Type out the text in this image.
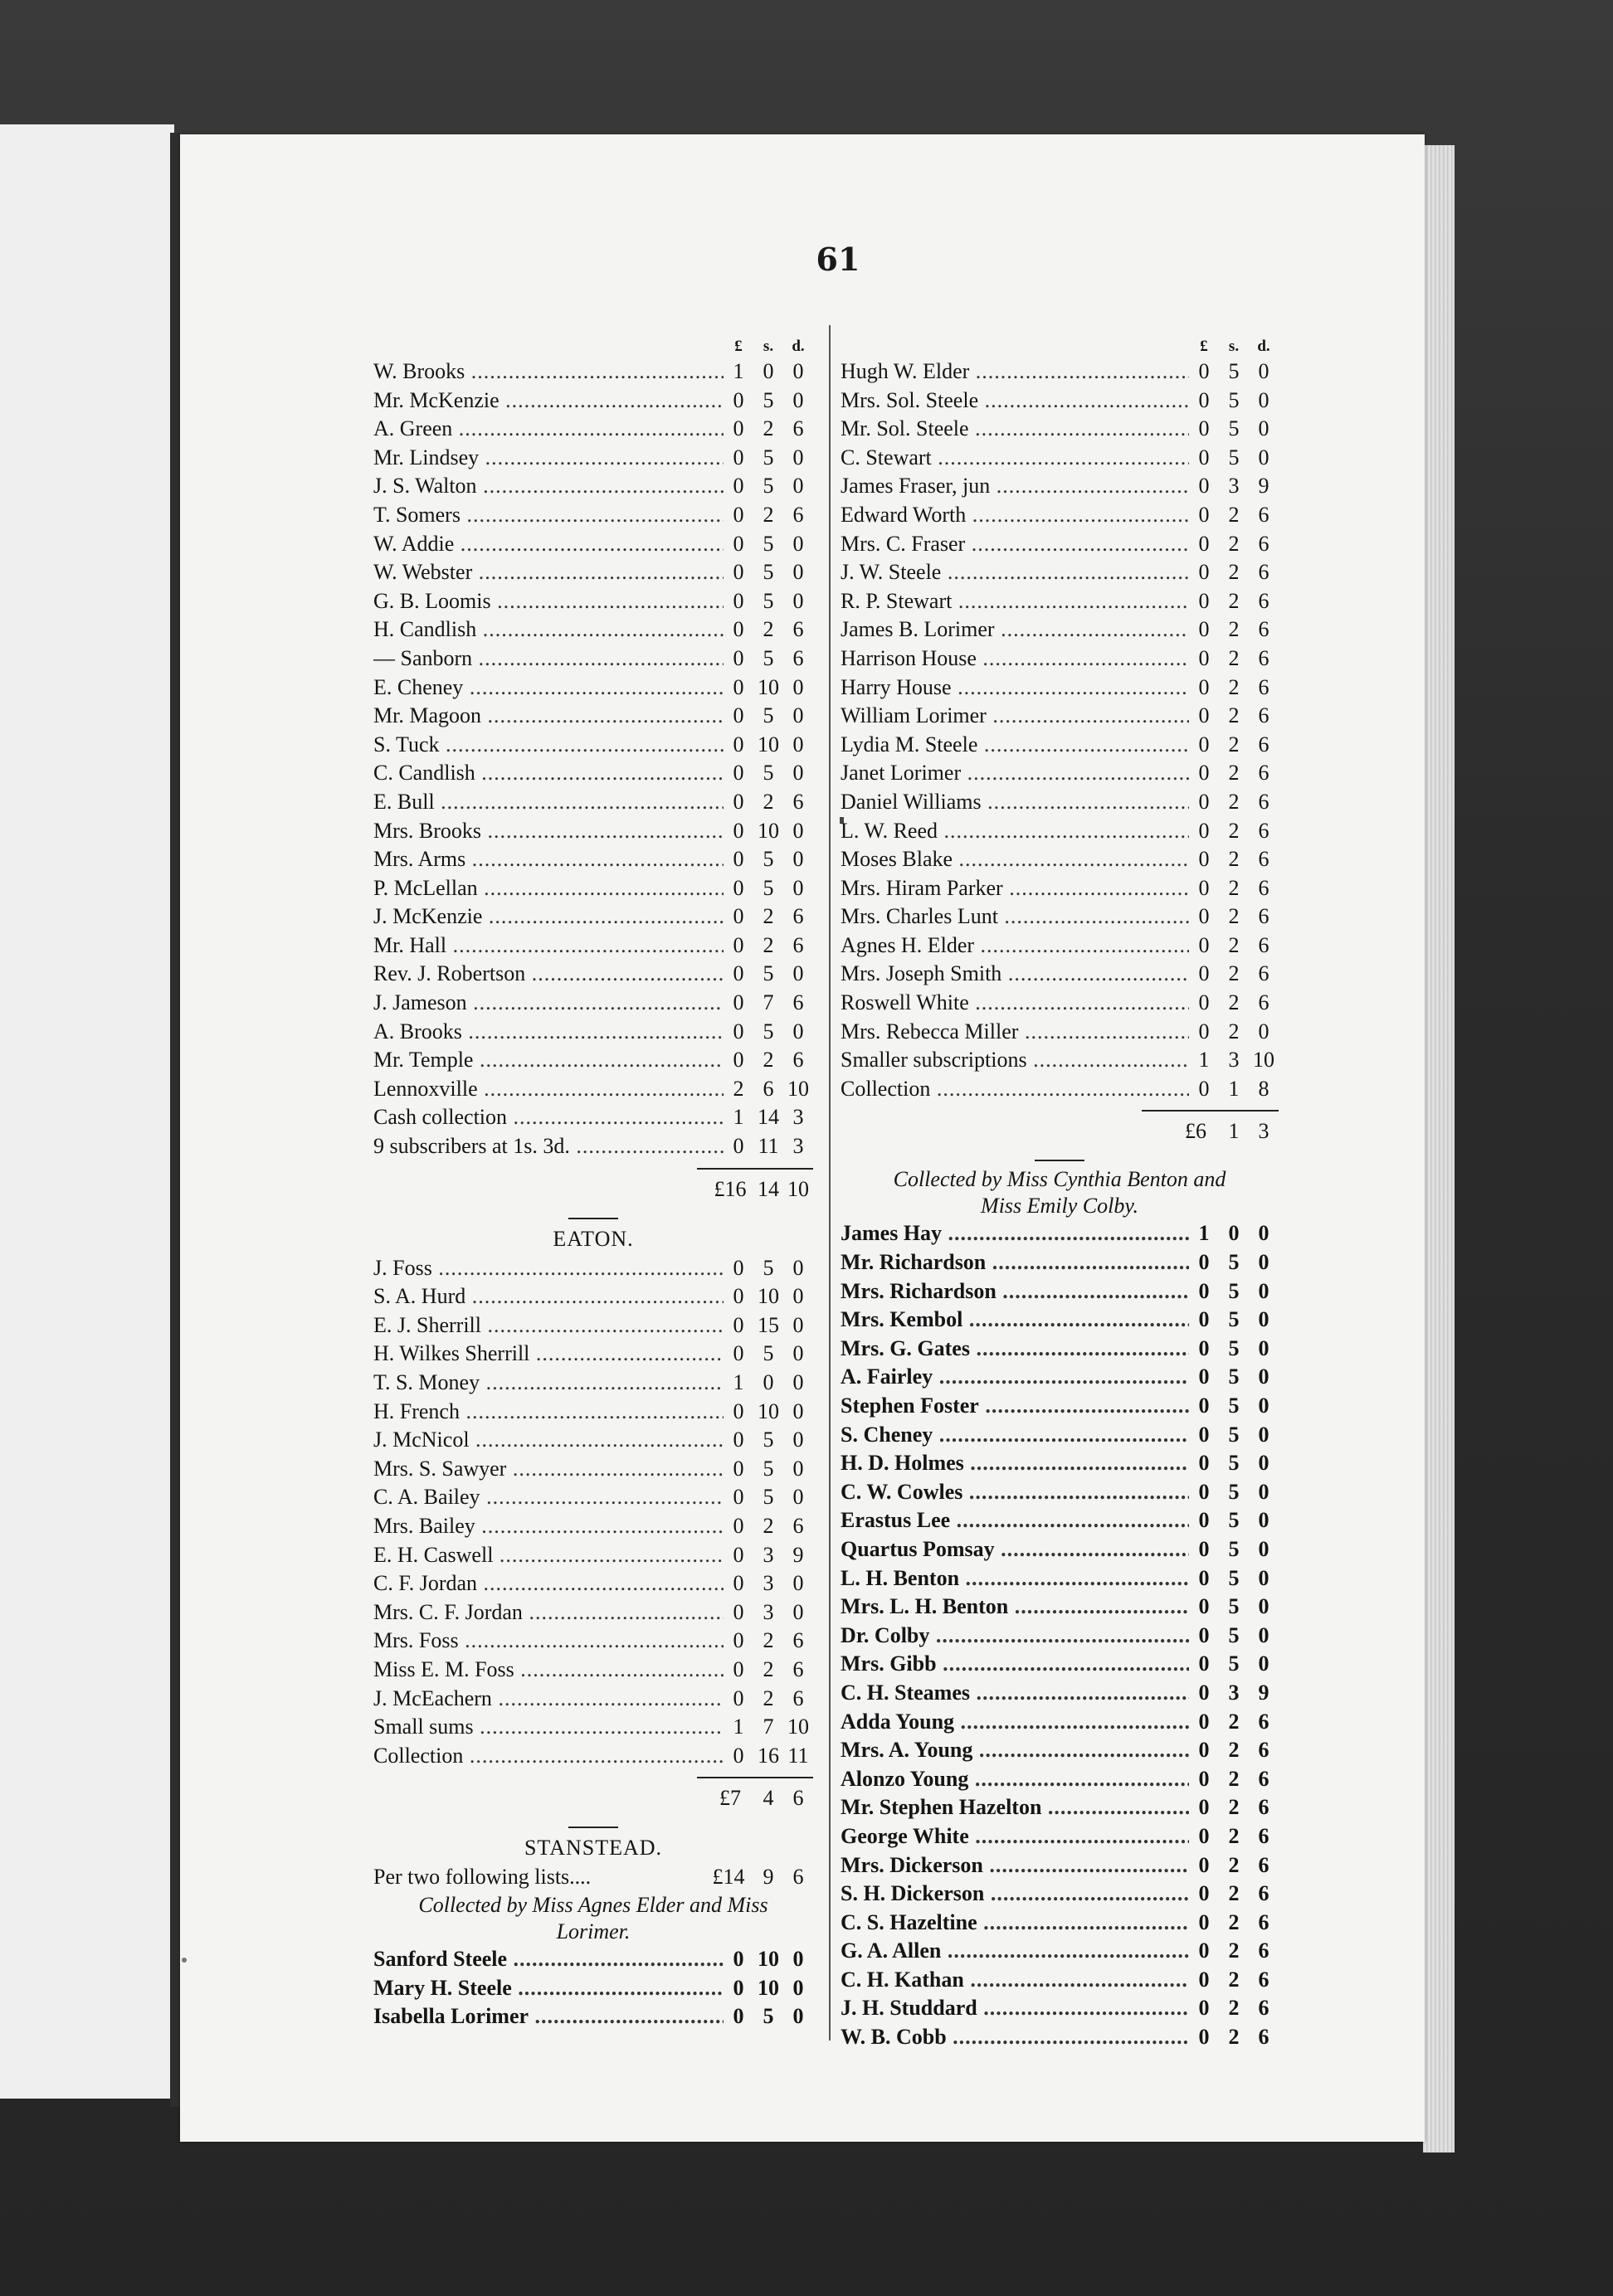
61
£	s.	d.
W. Brooks .....	1 0 0
Mr. McKenzie .....	0 5 0
A. Green .....	0 2 6
Mr. Lindsey .....	0 5 0
J. S. Walton .....	0 5 0
T. Somers .....	0 2 6
W. Addie .....	0 5 0
W. Webster .....	0 5 0
G. B. Loomis .....	0 5 0
H. Candlish .....	0 2 6
— Sanborn .....	0 5 6
E. Cheney .....	0 10 0
Mr. Magoon .....	0 5 0
S. Tuck .....	0 10 0
C. Candlish .....	0 5 0
E. Bull .....	0 2 6
Mrs. Brooks .....	0 10 0
Mrs. Arms .....	0 5 0
P. McLellan .....	0 5 0
J. McKenzie .....	0 2 6
Mr. Hall .....	0 2 6
Rev. J. Robertson .....	0 5 0
J. Jameson .....	0 7 6
A. Brooks .....	0 5 0
Mr. Temple .....	0 2 6
Lennoxville .....	2 6 10
Cash collection .....	1 14 3
9 subscribers at 1s. 3d. .....	0 11 3
£16 14 10
EATON.
J. Foss .....	0 5 0
S. A. Hurd .....	0 10 0
E. J. Sherrill .....	0 15 0
H. Wilkes Sherrill .....	0 5 0
T. S. Money .....	1 0 0
H. French .....	0 10 0
J. McNicol .....	0 5 0
Mrs. S. Sawyer .....	0 5 0
C. A. Bailey .....	0 5 0
Mrs. Bailey .....	0 2 6
E. H. Caswell .....	0 3 9
C. F. Jordan .....	0 3 0
Mrs. C. F. Jordan .....	0 3 0
Mrs. Foss .....	0 2 6
Miss E. M. Foss .....	0 2 6
J. McEachern .....	0 2 6
Small sums .....	1 7 10
Collection .....	0 16 11
£7	4 6
STANSTEAD.
Per two following lists....	£14 9 6
Collected by Miss Agnes Elder and Miss
Lorimer.
Sanford Steele .....	0 10 0
Mary H. Steele .....	0 10 0
Isabella Lorimer .....	0 5 0
£	s.	d.
Hugh W. Elder .....	0 5 0
Mrs. Sol. Steele .....	0 5 0
Mr. Sol. Steele .....	0 5 0
C. Stewart .....	0 5 0
James Fraser, jun .....	0 3 9
Edward Worth .....	0 2 6
Mrs. C. Fraser .....	0 2 6
J. W. Steele .....	0 2 6
R. P. Stewart .....	0 2 6
James B. Lorimer .....	0 2 6
Harrison House .....	0 2 6
Harry House .....	0 2 6
William Lorimer .....	0 2 6
Lydia M. Steele .....	0 2 6
Janet Lorimer .....	0 2 6
Daniel Williams .....	0 2 6
L. W. Reed .....	0 2 6
Moses Blake .....	0 2 6
Mrs. Hiram Parker .....	0 2 6
Mrs. Charles Lunt .....	0 2 6
Agnes H. Elder .....	0 2 6
Mrs. Joseph Smith .....	0 2 6
Roswell White .....	0 2 6
Mrs. Rebecca Miller .....	0 2 0
Smaller subscriptions .....	1 3 10
Collection .....	0 1 8
£6	1 3
Collected by Miss Cynthia Benton and
Miss Emily Colby.
James Hay .....	1 0 0
Mr. Richardson .....	0 5 0
Mrs. Richardson .....	0 5 0
Mrs. Kembol .....	0 5 0
Mrs. G. Gates .....	0 5 0
A. Fairley .....	0 5 0
Stephen Foster .....	0 5 0
S. Cheney .....	0 5 0
H. D. Holmes .....	0 5 0
C. W. Cowles .....	0 5 0
Erastus Lee .....	0 5 0
Quartus Pomsay .....	0 5 0
L. H. Benton .....	0 5 0
Mrs. L. H. Benton .....	0 5 0
Dr. Colby .....	0 5 0
Mrs. Gibb .....	0 5 0
C. H. Steames .....	0 3 9
Adda Young .....	0 2 6
Mrs. A. Young .....	0 2 6
Alonzo Young .....	0 2 6
Mr. Stephen Hazelton .....	0 2 6
George White .....	0 2 6
Mrs. Dickerson .....	0 2 6
S. H. Dickerson .....	0 2 6
C. S. Hazeltine .....	0 2 6
G. A. Allen .....	0 2 6
C. H. Kathan .....	0 2 6
J. H. Studdard .....	0 2 6
W. B. Cobb .....	0 2 6
